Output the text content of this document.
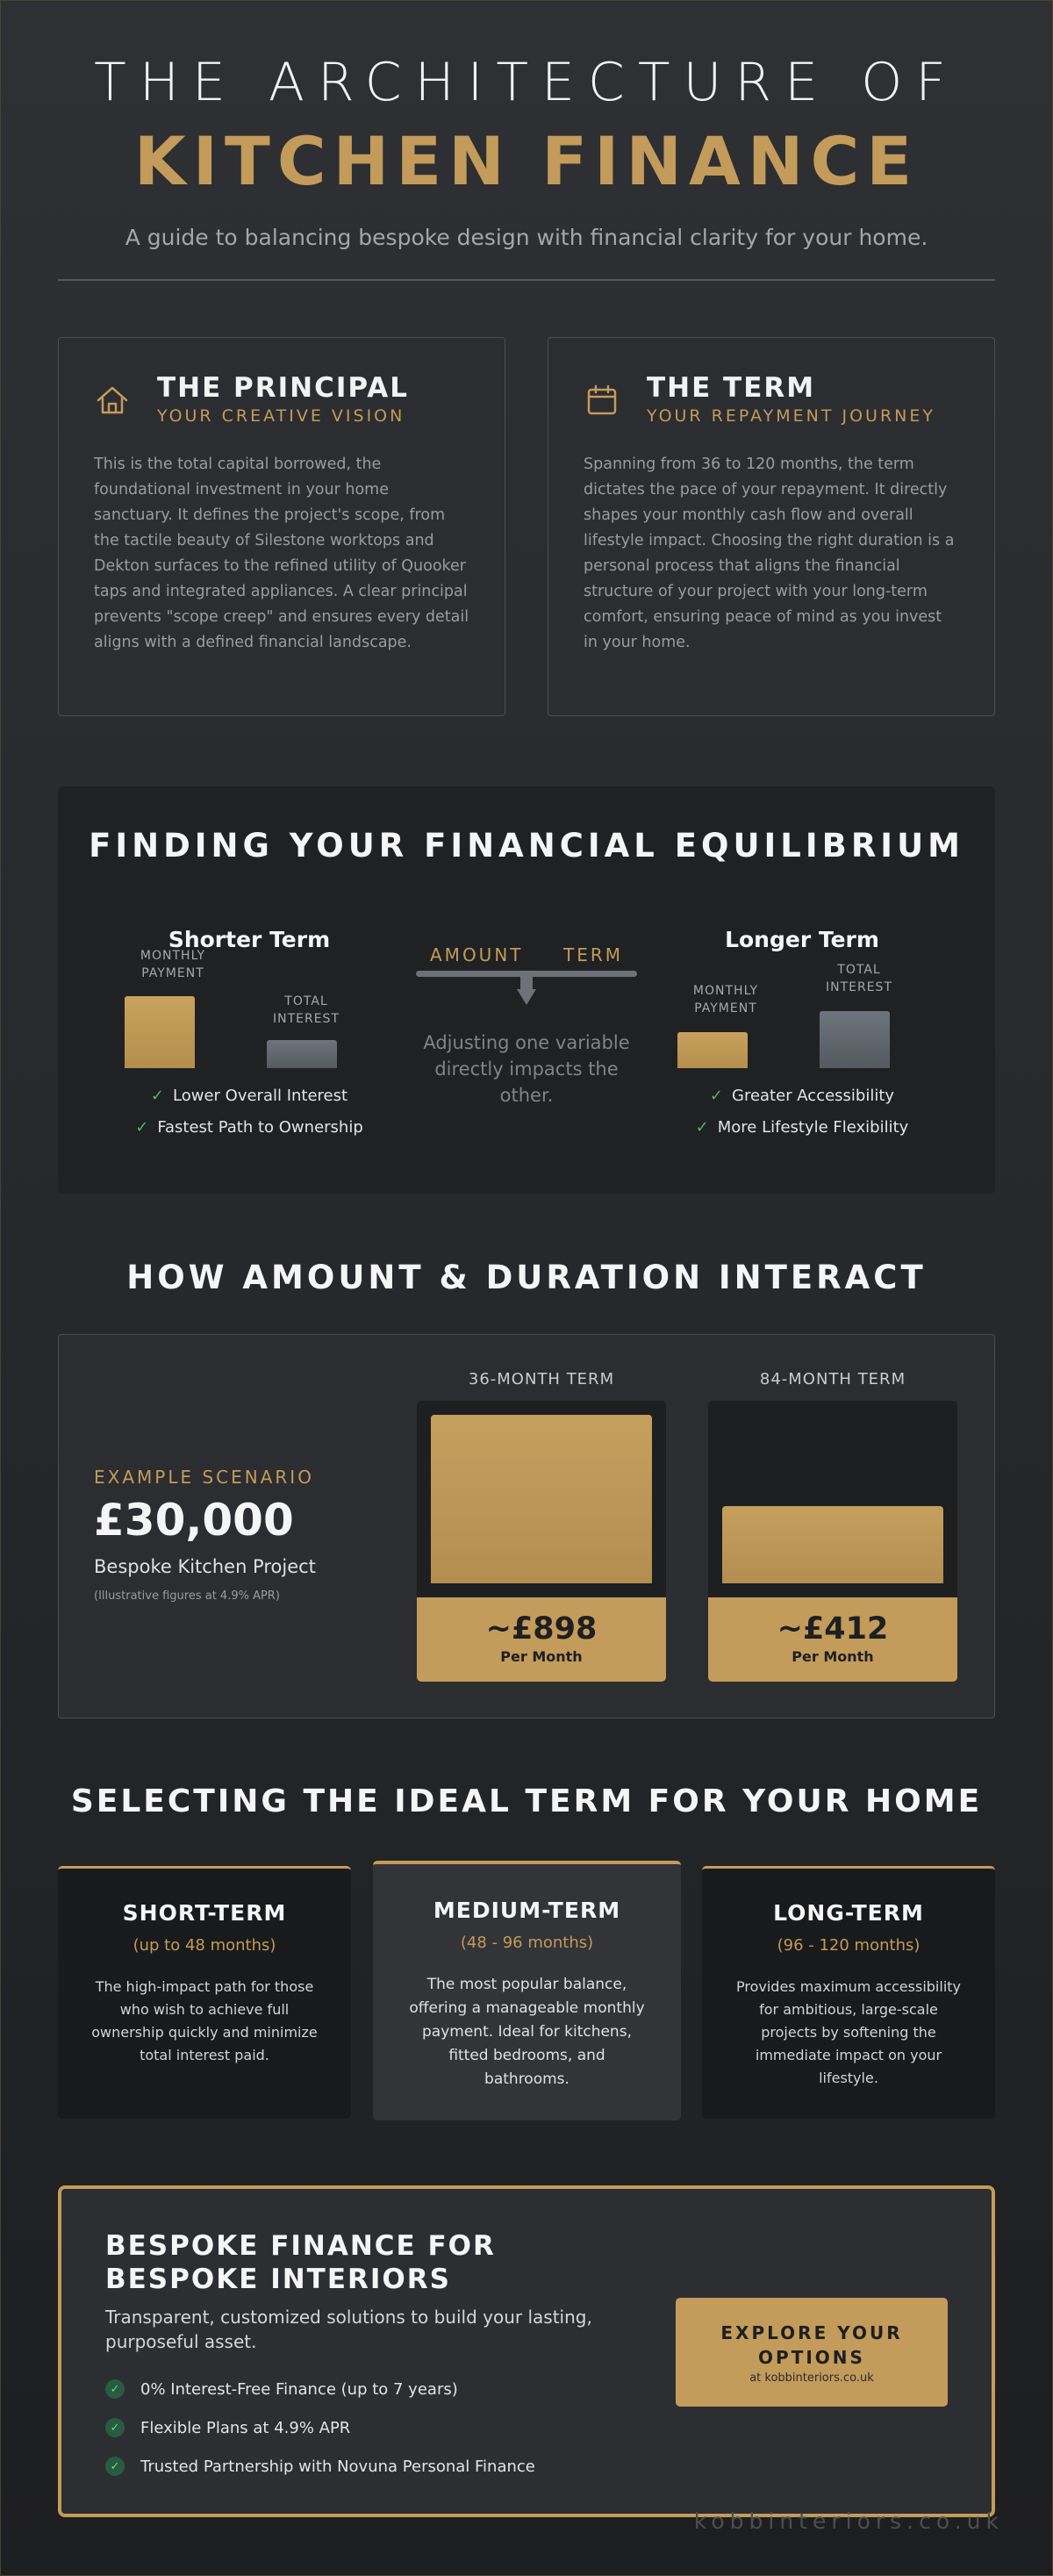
THE ARCHITECTURE OF
KITCHEN FINANCE
A guide to balancing bespoke design with financial clarity for your home.
THE PRINCIPAL
YOUR CREATIVE VISION

This is the total capital borrowed, the foundational investment in your home sanctuary. It defines the project's scope, from the tactile beauty of Silestone worktops and Dekton surfaces to the refined utility of Quooker taps and integrated appliances. A clear principal prevents "scope creep" and ensures every detail aligns with a defined financial landscape.

THE TERM
YOUR REPAYMENT JOURNEY

Spanning from 36 to 120 months, the term dictates the pace of your repayment. It directly shapes your monthly cash flow and overall lifestyle impact. Choosing the right duration is a personal process that aligns the financial structure of your project with your long-term comfort, ensuring peace of mind as you invest in your home.

FINDING YOUR FINANCIAL EQUILIBRIUM
Shorter Term
MONTHLY PAYMENT
TOTAL INTEREST
✓ Lower Overall Interest
✓ Fastest Path to Ownership
AMOUNT TERM
Adjusting one variable directly impacts the other.
Longer Term
MONTHLY PAYMENT
TOTAL INTEREST
✓ Greater Accessibility
✓ More Lifestyle Flexibility
HOW AMOUNT & DURATION INTERACT
EXAMPLE SCENARIO
£30,000
Bespoke Kitchen Project
(Illustrative figures at 4.9% APR)
36-MONTH TERM
~£898
Per Month
84-MONTH TERM
~£412
Per Month
SELECTING THE IDEAL TERM FOR YOUR HOME
SHORT-TERM
(up to 48 months)
The high-impact path for those who wish to achieve full ownership quickly and minimize total interest paid.
MEDIUM-TERM
(48 - 96 months)
The most popular balance, offering a manageable monthly payment. Ideal for kitchens, fitted bedrooms, and bathrooms.
LONG-TERM
(96 - 120 months)
Provides maximum accessibility for ambitious, large-scale projects by softening the immediate impact on your lifestyle.
BESPOKE FINANCE FOR BESPOKE INTERIORS

Transparent, customized solutions to build your lasting, purposeful asset.

✓	0% Interest-Free Finance (up to 7 years)
✓	Flexible Plans at 4.9% APR
✓	Trusted Partnership with Novuna Personal Finance
EXPLORE YOUR OPTIONS
at kobbinteriors.co.uk
kobbinteriors.co.uk
